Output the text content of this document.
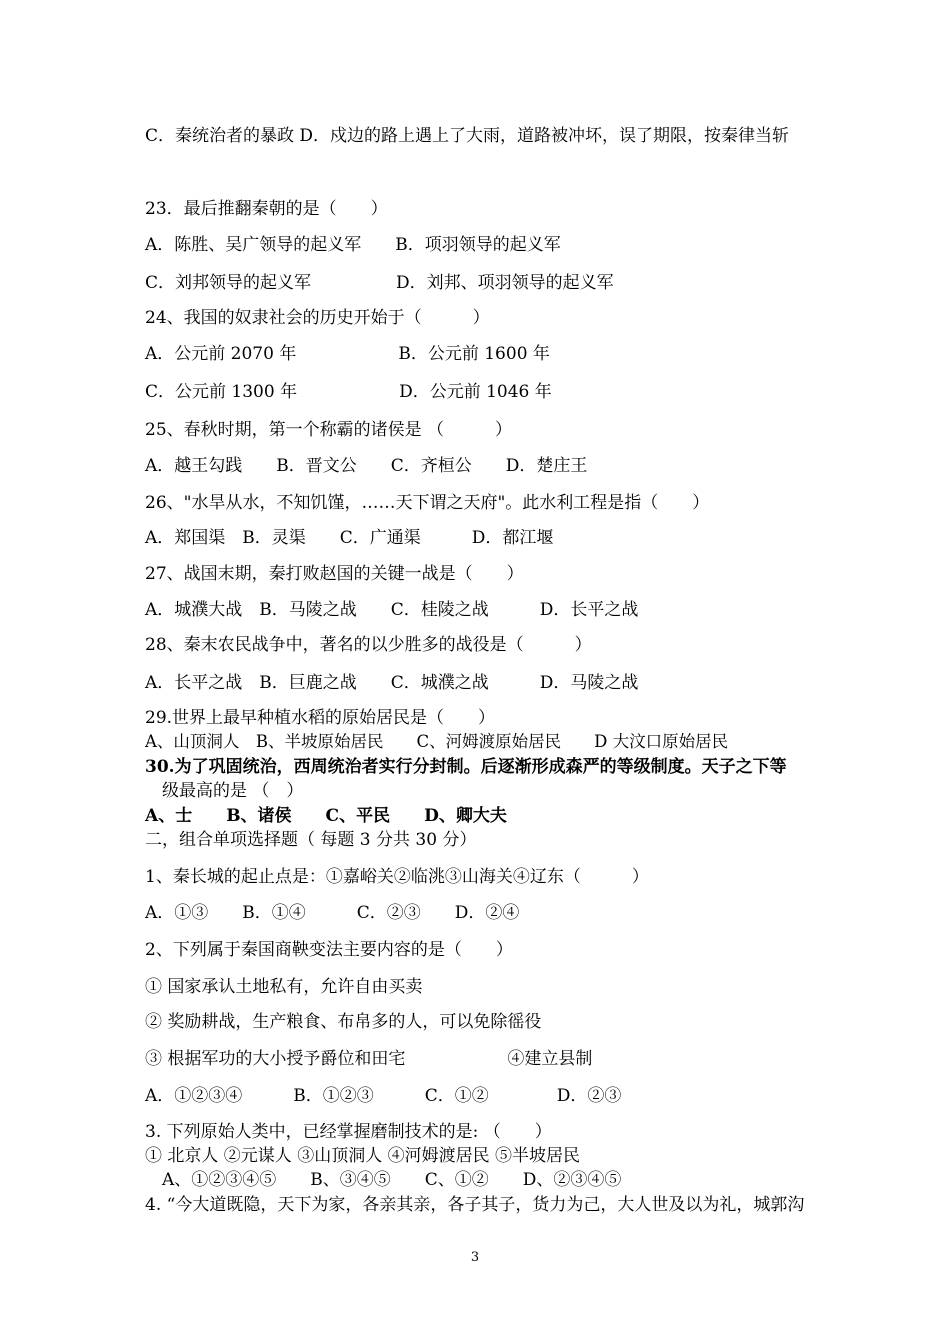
C．秦统治者的暴政 D．戍边的路上遇上了大雨，道路被冲坏，误了期限，按秦律当斩
23．最后推翻秦朝的是（　　）
A．陈胜、吴广领导的起义军　　B．项羽领导的起义军
C．刘邦领导的起义军　　　　　D．刘邦、项羽领导的起义军
24、我国的奴隶社会的历史开始于（　　　）
A．公元前 2070 年　　　　　　B．公元前 1600 年
C．公元前 1300 年　　　　　　D．公元前 1046 年
25、春秋时期，第一个称霸的诸侯是 （　　　）
A．越王勾践　　B．晋文公　　C．齐桓公　　D．楚庄王
26、"水旱从水，不知饥馑，……天下谓之天府"。此水利工程是指（　　）
A．郑国渠　B．灵渠　　C．广通渠　　　D．都江堰
27、战国末期，秦打败赵国的关键一战是（　　）
A．城濮大战　B．马陵之战　　C．桂陵之战　　　D．长平之战
28、秦末农民战争中，著名的以少胜多的战役是（　　　）
A．长平之战　B．巨鹿之战　　C．城濮之战　　　D．马陵之战
29.世界上最早种植水稻的原始居民是（　　）
A、山顶洞人　B、半坡原始居民　　C、河姆渡原始居民　　D 大汶口原始居民
30.为了巩固统治，西周统治者实行分封制。后逐渐形成森严的等级制度。天子之下等
　级最高的是 （　）
A、士　　B、诸侯　　C、平民　　D、卿大夫
二，组合单项选择题（ 每题 3 分共 30 分）
1、秦长城的起止点是：①嘉峪关②临洮③山海关④辽东（　　　）
A．①③　　B．①④　　　C．②③　　D．②④
2、下列属于秦国商鞅变法主要内容的是（　　）
① 国家承认土地私有，允许自由买卖
② 奖励耕战，生产粮食、布帛多的人，可以免除徭役
③ 根据军功的大小授予爵位和田宅　　　　　　④建立县制
A．①②③④　　　B．①②③　　　C．①②　　　　D．②③
3. 下列原始人类中，已经掌握磨制技术的是: （　　）
① 北京人 ②元谋人 ③山顶洞人 ④河姆渡居民 ⑤半坡居民
　A、①②③④⑤　　B、③④⑤　　C、①②　　D、②③④⑤
4. “今大道既隐，天下为家，各亲其亲，各子其子，货力为己，大人世及以为礼，城郭沟
3
